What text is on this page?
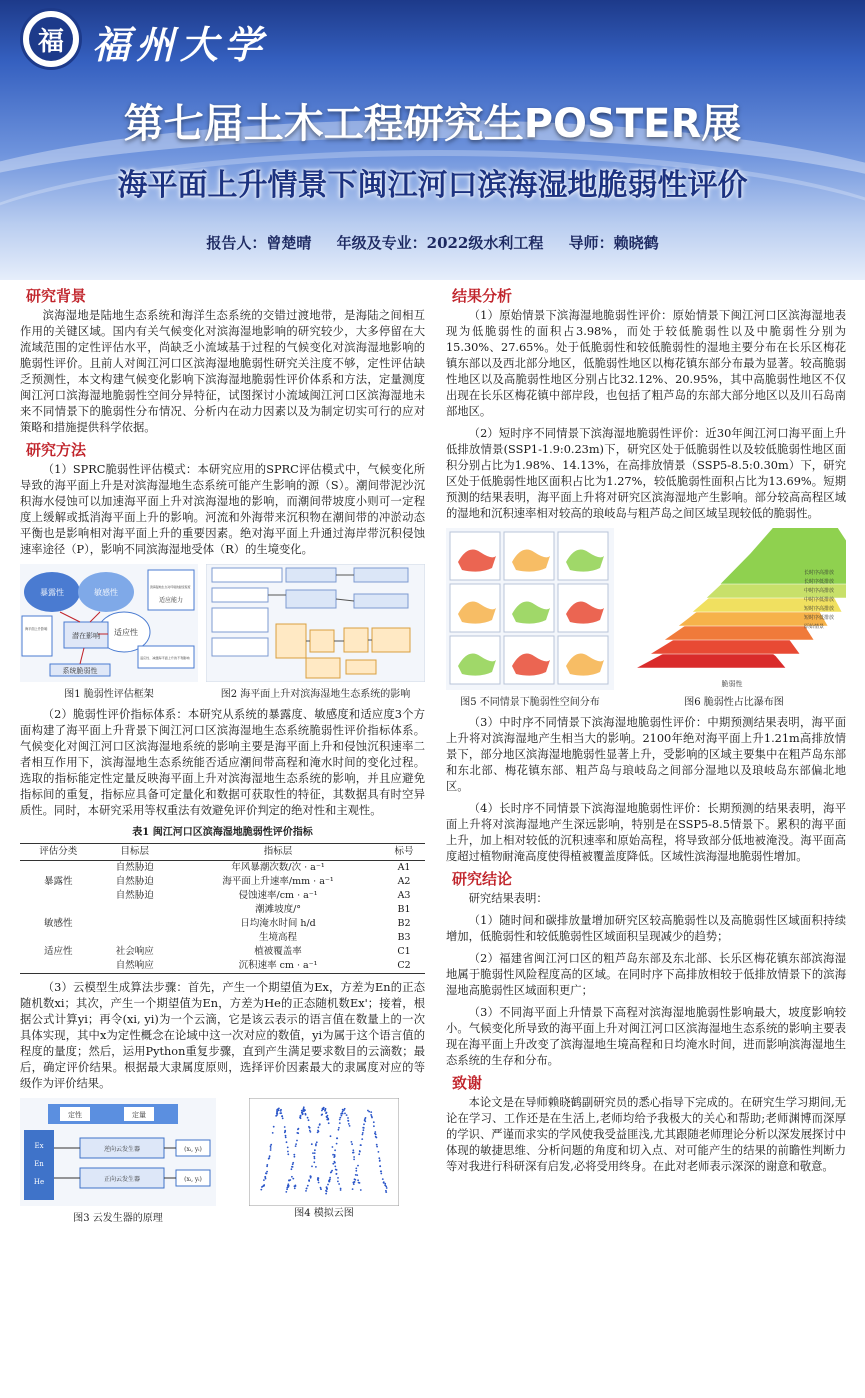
福 福州大学
第七届土木工程研究生POSTER展
海平面上升情景下闽江河口滨海湿地脆弱性评价
报告人：曾楚晴 年级及专业：2022级水利工程 导师：赖晓鹤
研究背景
滨海湿地是陆地生态系统和海洋生态系统的交错过渡地带，是海陆之间相互作用的关键区域。国内有关气候变化对滨海湿地影响的研究较少，大多停留在大流域范围的定性评估水平，尚缺乏小流域基于过程的气候变化对滨海湿地影响的脆弱性评价。且前人对闽江河口区滨海湿地脆弱性研究关注度不够，定性评估缺乏预测性，本文构建气候变化影响下滨海湿地脆弱性评价体系和方法，定量测度闽江河口滨海湿地脆弱性空间分异特征，试图探讨小流域闽江河口区滨海湿地未来不同情景下的脆弱性分布情况、分析内在动力因素以及为制定切实可行的应对策略和措施提供科学依据。
研究方法
（1）SPRC脆弱性评估模式：本研究应用的SPRC评估模式中，气候变化所导致的海平面上升是对滨海湿地生态系统可能产生影响的源（S）。潮间带泥沙沉积海水侵蚀可以加速海平面上升对滨海湿地的影响，而潮间带坡度小则可一定程度上缓解或抵消海平面上升的影响。河流和外海带来沉积物在潮间带的冲淤动态平衡也是影响相对海平面上升的重要因素。绝对海平面上升通过海岸带沉积侵蚀速率途径（P），影响不同滨海湿地受体（R）的生境变化。
暴露性	敏感性
适应性
潜在影响
系统脆弱性
海平面上升影响
滨海湿地生态对环境的耐受程度
适应能力
适应性、减缓海平面上升的不利影响
图1 脆弱性评估框架	图2 海平面上升对滨海湿地生态系统的影响
（2）脆弱性评价指标体系：本研究从系统的暴露度、敏感度和适应度3个方面构建了海平面上升背景下闽江河口区滨海湿地生态系统脆弱性评价指标体系。气候变化对闽江河口区滨海湿地系统的影响主要是海平面上升和侵蚀沉积速率二者相互作用下，滨海湿地生态系统能否适应潮间带高程和淹水时间的变化过程。选取的指标能定性定量反映海平面上升对滨海湿地生态系统的影响，并且应避免指标间的重复，指标应具备可定量化和数据可获取性的特征，其数据具有时空异质性。同时，本研究采用等权重法有效避免评价判定的绝对性和主观性。
表1 闽江河口区滨海湿地脆弱性评价指标
评估分类	目标层	指标层	标号
	自然胁迫	年风暴潮次数/次 · a⁻¹	A1
暴露性	自然胁迫	海平面上升速率/mm · a⁻¹	A2
	自然胁迫	侵蚀速率/cm · a⁻¹	A3
		潮滩坡度/°	B1
敏感性		日均淹水时间 h/d	B2
		生境高程	B3
适应性	社会响应	植被覆盖率	C1
	自然响应	沉积速率 cm · a⁻¹	C2
（3）云模型生成算法步骤：首先，产生一个期望值为Ex，方差为En的正态随机数xi；其次，产生一个期望值为En，方差为He的正态随机数Ex'；接着，根据公式计算yi；再令(xi, yi)为一个云滴，它是该云表示的语言值在数量上的一次具体实现，其中x为定性概念在论域中这一次对应的数值，yi为属于这个语言值的程度的量度；然后，运用Python重复步骤，直到产生满足要求数目的云滴数；最后，确定评价结果。根据最大隶属度原则，选择评价因素最大的隶属度对应的等级作为评价结果。
定性	定量
Ex
En
He
逆向云发生器
正向云发生器
(xᵢ, yᵢ)
(xᵢ, yᵢ)
图3 云发生器的原理	图4 模拟云图
结果分析
（1）原始情景下滨海湿地脆弱性评价：原始情景下闽江河口区滨海湿地表现为低脆弱性的面积占3.98%，而处于较低脆弱性以及中脆弱性分别为15.30%、27.65%。处于低脆弱性和较低脆弱性的湿地主要分布在长乐区梅花镇东部以及西北部分地区，低脆弱性地区以梅花镇东部分布最为显著。较高脆弱性地区以及高脆弱性地区分别占比32.12%、20.95%，其中高脆弱性地区不仅出现在长乐区梅花镇中部岸段，也包括了粗芦岛的东部大部分地区以及川石岛南部地区。
（2）短时序不同情景下滨海湿地脆弱性评价：近30年闽江河口海平面上升低排放情景(SSP1-1.9:0.23m)下，研究区处于低脆弱性以及较低脆弱性地区面积分别占比为1.98%、14.13%，在高排放情景（SSP5-8.5:0.30m）下，研究区处于低脆弱性地区面积占比为1.27%，较低脆弱性面积占比为13.69%。短期预测的结果表明，海平面上升将对研究区滨海湿地产生影响。部分较高高程区域的湿地和沉积速率相对较高的琅岐岛与粗芦岛之间区域呈现较低的脆弱性。
图5 不同情景下脆弱性空间分布
脆弱性
长时序高排放
长时序低排放
中时序高排放
中时序低排放
短时序高排放
短时序低排放
原始情景
图6 脆弱性占比瀑布图
（3）中时序不同情景下滨海湿地脆弱性评价：中期预测结果表明，海平面上升将对滨海湿地产生相当大的影响。2100年绝对海平面上升1.21m高排放情景下，部分地区滨海湿地脆弱性显著上升，受影响的区域主要集中在粗芦岛东部和东北部、梅花镇东部、粗芦岛与琅岐岛之间部分湿地以及琅岐岛东部偏北地区。
（4）长时序不同情景下滨海湿地脆弱性评价：长期预测的结果表明，海平面上升将对滨海湿地产生深远影响，特别是在SSP5-8.5情景下。累积的海平面上升，加上相对较低的沉积速率和原始高程，将导致部分低地被淹没。海平面高度超过植物耐淹高度使得植被覆盖度降低。区域性滨海湿地脆弱性增加。
研究结论
研究结果表明：
（1）随时间和碳排放量增加研究区较高脆弱性以及高脆弱性区域面积持续增加，低脆弱性和较低脆弱性区域面积呈现减少的趋势；
（2）福建省闽江河口区的粗芦岛东部及东北部、长乐区梅花镇东部滨海湿地属于脆弱性风险程度高的区域。在同时序下高排放相较于低排放情景下的滨海湿地高脆弱性区域面积更广；
（3）不同海平面上升情景下高程对滨海湿地脆弱性影响最大，坡度影响较小。气候变化所导致的海平面上升对闽江河口区滨海湿地生态系统的影响主要表现在海平面上升改变了滨海湿地生境高程和日均淹水时间，进而影响滨海湿地生态系统的生存和分布。
致谢
本论文是在导师赖晓鹤副研究员的悉心指导下完成的。在研究生学习期间,无论在学习、工作还是在生活上,老师均给予我极大的关心和帮助;老师渊博而深厚的学识、严谨而求实的学风使我受益匪浅,尤其跟随老师理论分析以深发展探讨中体现的敏捷思维、分析问题的角度和切入点、对可能产生的结果的前瞻性判断力等对我进行科研深有启发,必将受用终身。在此对老师表示深深的谢意和敬意。
